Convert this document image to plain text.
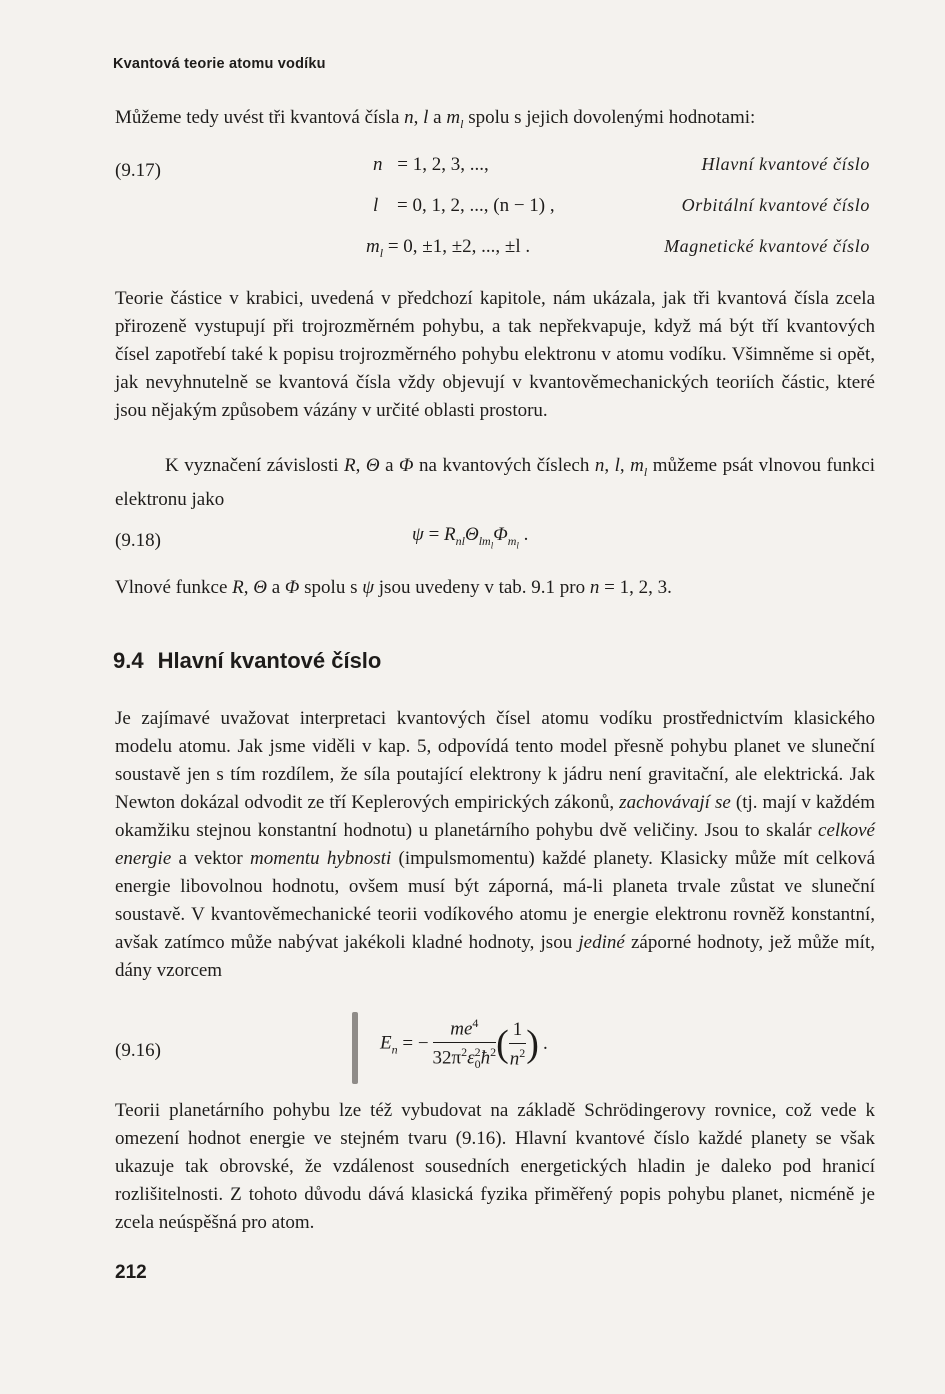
Kvantová teorie atomu vodíku
Můžeme tedy uvést tři kvantová čísla n, l a $m_l$ spolu s jejich dovolenými hodnotami:
(9.17)	n = 1, 2, 3, ...,	Hlavní kvantové číslo
l = 0, 1, 2, ..., (n − 1) ,	Orbitální kvantové číslo
$m_l = 0$, ±1, ±2, ..., ±l .	Magnetické kvantové číslo
Teorie částice v krabici, uvedená v předchozí kapitole, nám ukázala, jak tři kvantová čísla zcela přirozeně vystupují při trojrozměrném pohybu, a tak nepřekvapuje, když má být tří kvantových čísel zapotřebí také k popisu trojrozměrného pohybu elektronu v atomu vodíku. Všimněme si opět, jak nevyhnutelně se kvantová čísla vždy objevují v kvantověmechanických teoriích částic, které jsou nějakým způsobem vázány v určité oblasti prostoru.
K vyznačení závislosti R, Θ a Φ na kvantových číslech n, l, $m_l$ můžeme psát vlnovou funkci elektronu jako
(9.18)	$\psi = R_{nl}\Theta_{lm_l}\Phi_{m_l}$ .
Vlnové funkce R, Θ a Φ spolu s ψ jsou uvedeny v tab. 9.1 pro n = 1, 2, 3.
9.4 Hlavní kvantové číslo
Je zajímavé uvažovat interpretaci kvantových čísel atomu vodíku prostřednictvím klasického modelu atomu. Jak jsme viděli v kap. 5, odpovídá tento model přesně pohybu planet ve sluneční soustavě jen s tím rozdílem, že síla poutající elektrony k jádru není gravitační, ale elektrická. Jak Newton dokázal odvodit ze tří Keplerových empirických zákonů, zachovávají se (tj. mají v každém okamžiku stejnou konstantní hodnotu) u planetárního pohybu dvě veličiny. Jsou to skalár celkové energie a vektor momentu hybnosti (impulsmomentu) každé planety. Klasicky může mít celková energie libovolnou hodnotu, ovšem musí být záporná, má-li planeta trvale zůstat ve sluneční soustavě. V kvantověmechanické teorii vodíkového atomu je energie elektronu rovněž konstantní, avšak zatímco může nabývat jakékoli kladné hodnoty, jsou jediné záporné hodnoty, jež může mít, dány vzorcem
(9.16)	$E_n$ = − $\frac{me^4}{32\pi^2\varepsilon^2_0ħ^2}$ ( $\frac{1}{n^2}$ ) .
Teorii planetárního pohybu lze též vybudovat na základě Schrödingerovy rovnice, což vede k omezení hodnot energie ve stejném tvaru (9.16). Hlavní kvantové číslo každé planety se však ukazuje tak obrovské, že vzdálenost sousedních energetických hladin je daleko pod hranicí rozlišitelnosti. Z tohoto důvodu dává klasická fyzika přiměřený popis pohybu planet, nicméně je zcela neúspěšná pro atom.
212
